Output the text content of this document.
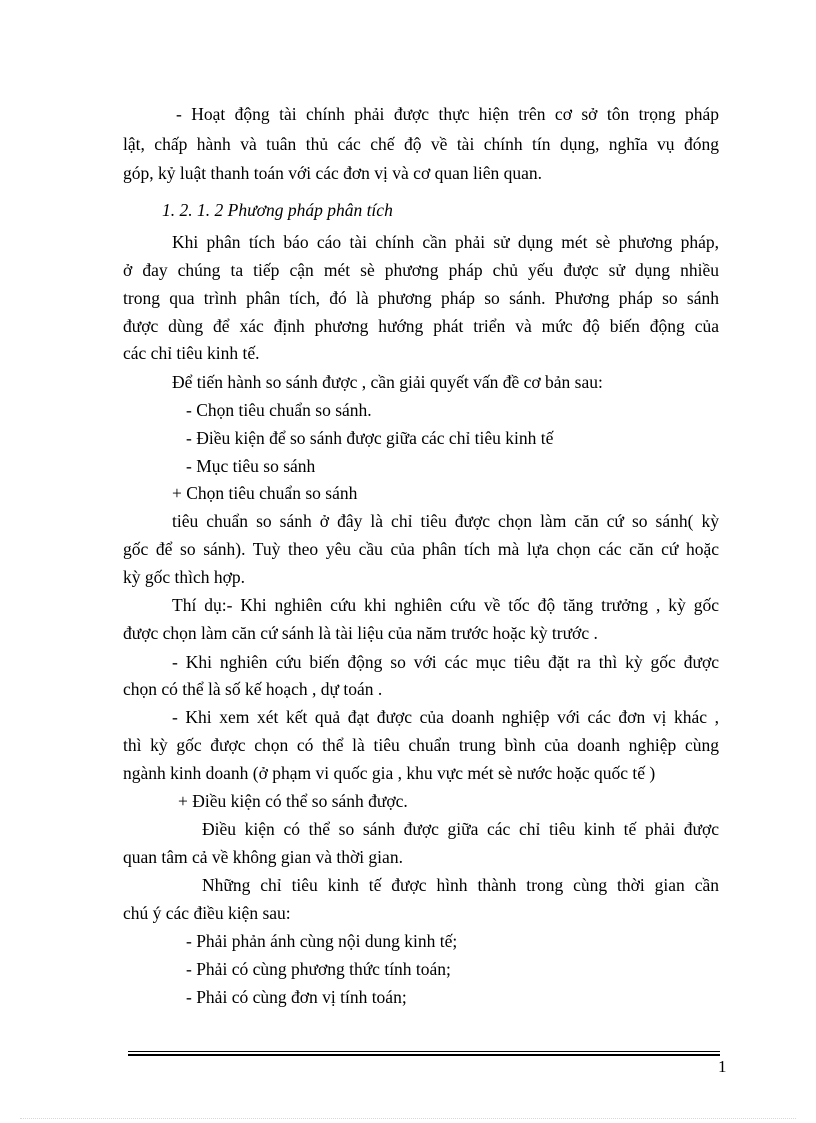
- Hoạt động tài chính phải được thực hiện trên cơ sở tôn trọng pháp
lật, chấp hành và tuân thủ các chế độ về tài chính tín dụng, nghĩa vụ đóng
góp, kỷ luật thanh toán với các đơn vị và cơ quan liên quan.
1. 2. 1. 2 Phương pháp phân tích
Khi phân tích báo cáo tài chính cần phải sử dụng mét sè phương pháp,
ở đay chúng ta tiếp cận mét sè phương pháp chủ yếu được sử dụng nhiều
trong qua trình phân tích, đó là phương pháp so sánh. Phương pháp so sánh
được dùng để xác định phương hướng phát triển và mức độ biến động của
các chỉ tiêu kinh tế.
Để tiến hành so sánh được , cần giải quyết vấn đề cơ bản sau:
- Chọn tiêu chuẩn so sánh.
- Điều kiện để so sánh được giữa các chỉ tiêu kinh tế
- Mục tiêu so sánh
+ Chọn tiêu chuẩn so sánh
tiêu chuẩn so sánh ở đây là chỉ tiêu được chọn làm căn cứ so sánh( kỳ
gốc để so sánh). Tuỳ theo yêu cầu của phân tích mà lựa chọn các căn cứ hoặc
kỳ gốc thìch hợp.
Thí dụ:- Khi nghiên cứu khi nghiên cứu về tốc độ tăng trưởng , kỳ gốc
được chọn làm căn cứ sánh là tài liệu của năm trước hoặc kỳ trước .
- Khi nghiên cứu biến động so với các mục tiêu đặt ra thì kỳ gốc được
chọn có thể là số kế hoạch , dự toán .
- Khi xem xét kết quả đạt được của doanh nghiệp với các đơn vị khác ,
thì kỳ gốc được chọn có thể là tiêu chuẩn trung bình của doanh nghiệp cùng
ngành kinh doanh (ở phạm vi quốc gia , khu vực mét sè nước hoặc quốc tế )
+ Điều kiện có thể so sánh được.
Điều kiện có thể so sánh được giữa các chỉ tiêu kinh tế phải được
quan tâm cả về không gian và thời gian.
Những chỉ tiêu kinh tế được hình thành trong cùng thời gian cần
chú ý các điều kiện sau:
- Phải phản ánh cùng nội dung kinh tế;
- Phải có cùng phương thức tính toán;
- Phải có cùng đơn vị tính toán;
1
